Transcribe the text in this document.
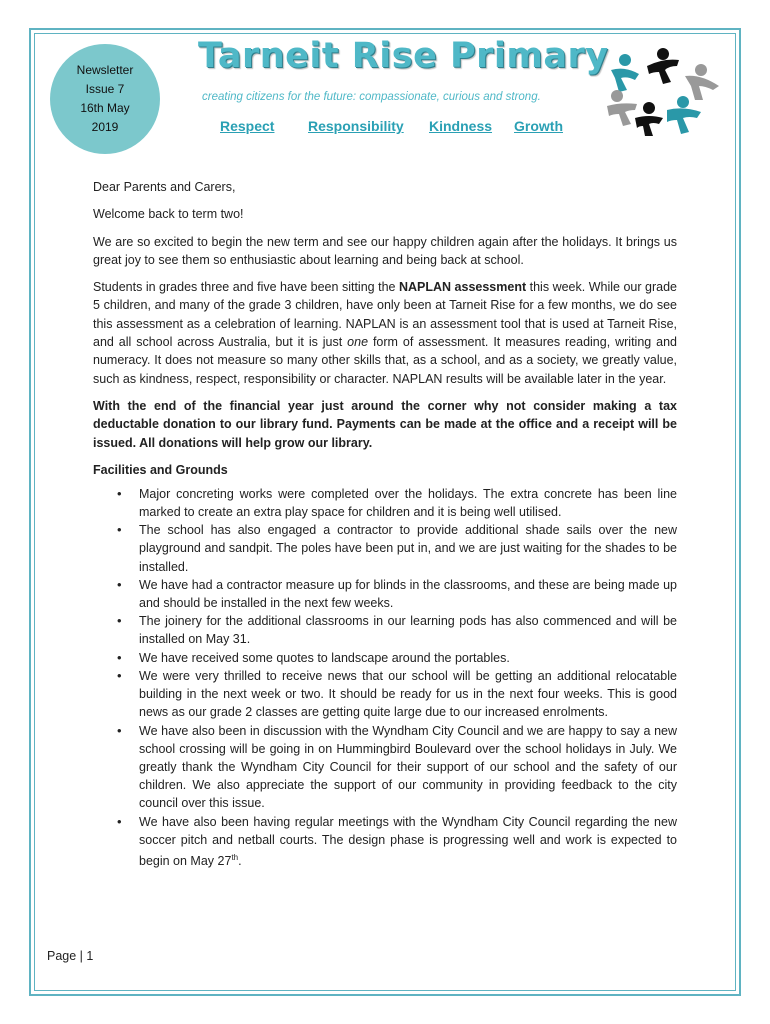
Newsletter
Issue 7
16th May
2019
Tarneit Rise Primary
creating citizens for the future: compassionate, curious and strong.
Respect Responsibility Kindness Growth

Dear Parents and Carers,

Welcome back to term two!

We are so excited to begin the new term and see our happy children again after the holidays. It brings us great joy to see them so enthusiastic about learning and being back at school.

Students in grades three and five have been sitting the NAPLAN assessment this week. While our grade 5 children, and many of the grade 3 children, have only been at Tarneit Rise for a few months, we do see this assessment as a celebration of learning. NAPLAN is an assessment tool that is used at Tarneit Rise, and all school across Australia, but it is just one form of assessment. It measures reading, writing and numeracy. It does not measure so many other skills that, as a school, and as a society, we greatly value, such as kindness, respect, responsibility or character. NAPLAN results will be available later in the year.

With the end of the financial year just around the corner why not consider making a tax deductable donation to our library fund. Payments can be made at the office and a receipt will be issued. All donations will help grow our library.

Facilities and Grounds
• Major concreting works were completed over the holidays. The extra concrete has been line marked to create an extra play space for children and it is being well utilised.
• The school has also engaged a contractor to provide additional shade sails over the new playground and sandpit. The poles have been put in, and we are just waiting for the shades to be installed.
• We have had a contractor measure up for blinds in the classrooms, and these are being made up and should be installed in the next few weeks.
• The joinery for the additional classrooms in our learning pods has also commenced and will be installed on May 31.
• We have received some quotes to landscape around the portables.
• We were very thrilled to receive news that our school will be getting an additional relocatable building in the next week or two. It should be ready for us in the next four weeks. This is good news as our grade 2 classes are getting quite large due to our increased enrolments.
• We have also been in discussion with the Wyndham City Council and we are happy to say a new school crossing will be going in on Hummingbird Boulevard over the school holidays in July. We greatly thank the Wyndham City Council for their support of our school and the safety of our children. We also appreciate the support of our community in providing feedback to the city council over this issue.
• We have also been having regular meetings with the Wyndham City Council regarding the new soccer pitch and netball courts. The design phase is progressing well and work is expected to begin on May 27th.
Page | 1
